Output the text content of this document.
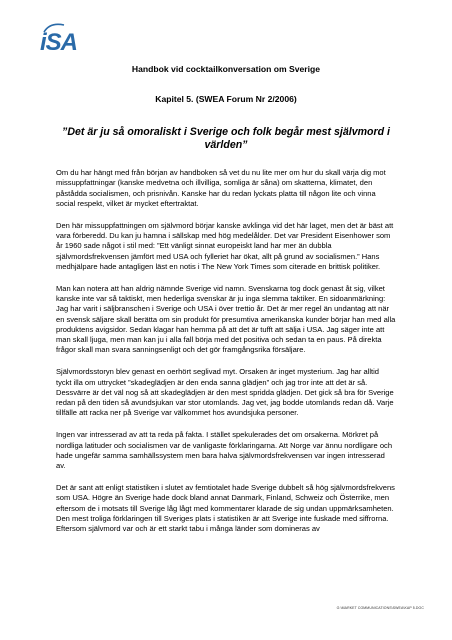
iSA
Handbok vid cocktailkonversation om Sverige
Kapitel 5. (SWEA Forum Nr 2/2006)
”Det är ju så omoraliskt i Sverige och folk begår mest självmord i världen”

Om du har hängt med från början av handboken så vet du nu lite mer om hur du skall värja dig mot missuppfattningar (kanske medvetna och illvilliga, somliga är såna) om skatterna, klimatet, den påstådda socialismen, och prisnivån. Kanske har du redan lyckats platta till någon lite och vinna social respekt, vilket är mycket eftertraktat.

Den här missuppfattningen om självmord börjar kanske avklinga vid det här laget, men det är bäst att vara förberedd. Du kan ju hamna i sällskap med hög medelålder. Det var President Eisenhower som år 1960 sade något i stil med: ”Ett vänligt sinnat europeiskt land har mer än dubbla självmordsfrekvensen jämfört med USA och fylleriet har ökat, allt på grund av socialismen.” Hans medhjälpare hade antagligen läst en notis i The New York Times som citerade en brittisk politiker.

Man kan notera att han aldrig nämnde Sverige vid namn. Svenskarna tog dock genast åt sig, vilket kanske inte var så taktiskt, men hederliga svenskar är ju inga slemma taktiker. En sidoanmärkning: Jag har varit i säljbranschen i Sverige och USA i över trettio år. Det är mer regel än undantag att när en svensk säljare skall berätta om sin produkt för presumtiva amerikanska kunder börjar han med alla produktens avigsidor. Sedan klagar han hemma på att det är tufft att sälja i USA. Jag säger inte att man skall ljuga, men man kan ju i alla fall börja med det positiva och sedan ta en paus. På direkta frågor skall man svara sanningsenligt och det gör framgångsrika försäljare.

Självmordsstoryn blev genast en oerhört seglivad myt. Orsaken är inget mysterium. Jag har alltid tyckt illa om uttrycket ”skadeglädjen är den enda sanna glädjen” och jag tror inte att det är så. Dessvärre är det väl nog så att skadeglädjen är den mest spridda glädjen. Det gick så bra för Sverige redan på den tiden så avundsjukan var stor utomlands. Jag vet, jag bodde utomlands redan då. Varje tillfälle att racka ner på Sverige var välkommet hos avundsjuka personer.

Ingen var intresserad av att ta reda på fakta. I stället spekulerades det om orsakerna. Mörkret på nordliga latituder och socialismen var de vanligaste förklaringarna. Att Norge var ännu nordligare och hade ungefär samma samhällssystem men bara halva självmordsfrekvensen var ingen intresserad av.

Det är sant att enligt statistiken i slutet av femtiotalet hade Sverige dubbelt så hög självmordsfrekvens som USA. Högre än Sverige hade dock bland annat Danmark, Finland, Schweiz och Österrike, men eftersom de i motsats till Sverige låg lågt med kommentarer klarade de sig undan uppmärksamheten. Den mest troliga förklaringen till Sveriges plats i statistiken är att Sverige inte fuskade med siffrorna. Eftersom självmord var och är ett starkt tabu i många länder som domineras av

G:\MARKET COMMUNICATIONS\SWEA\KAP 5.DOC
